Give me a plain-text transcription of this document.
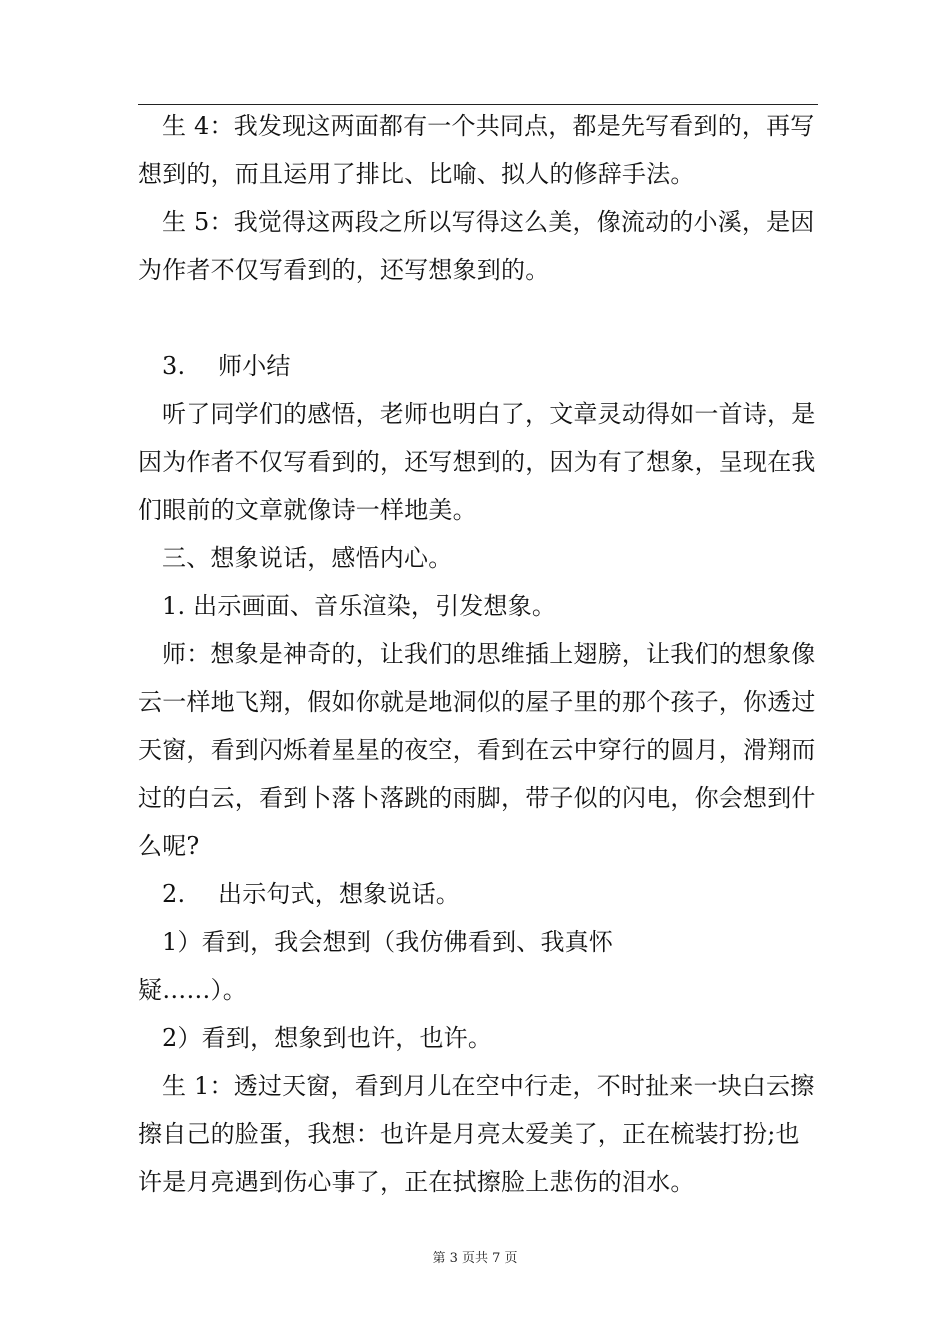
生 4：我发现这两面都有一个共同点，都是先写看到的，再写想到的，而且运用了排比、比喻、拟人的修辞手法。

生 5：我觉得这两段之所以写得这么美，像流动的小溪，是因为作者不仅写看到的，还写想象到的。

3. 师小结

听了同学们的感悟，老师也明白了，文章灵动得如一首诗，是因为作者不仅写看到的，还写想到的，因为有了想象，呈现在我们眼前的文章就像诗一样地美。

三、想象说话，感悟内心。

1. 出示画面、音乐渲染，引发想象。

师：想象是神奇的，让我们的思维插上翅膀，让我们的想象像云一样地飞翔，假如你就是地洞似的屋子里的那个孩子，你透过天窗，看到闪烁着星星的夜空，看到在云中穿行的圆月，滑翔而过的白云，看到卜落卜落跳的雨脚，带子似的闪电，你会想到什么呢?

2. 出示句式，想象说话。

1）看到，我会想到（我仿佛看到、我真怀

疑……）。

2）看到，想象到也许，也许。

生 1：透过天窗，看到月儿在空中行走，不时扯来一块白云擦擦自己的脸蛋，我想：也许是月亮太爱美了，正在梳装打扮;也许是月亮遇到伤心事了，正在拭擦脸上悲伤的泪水。

第 3 页共 7 页
